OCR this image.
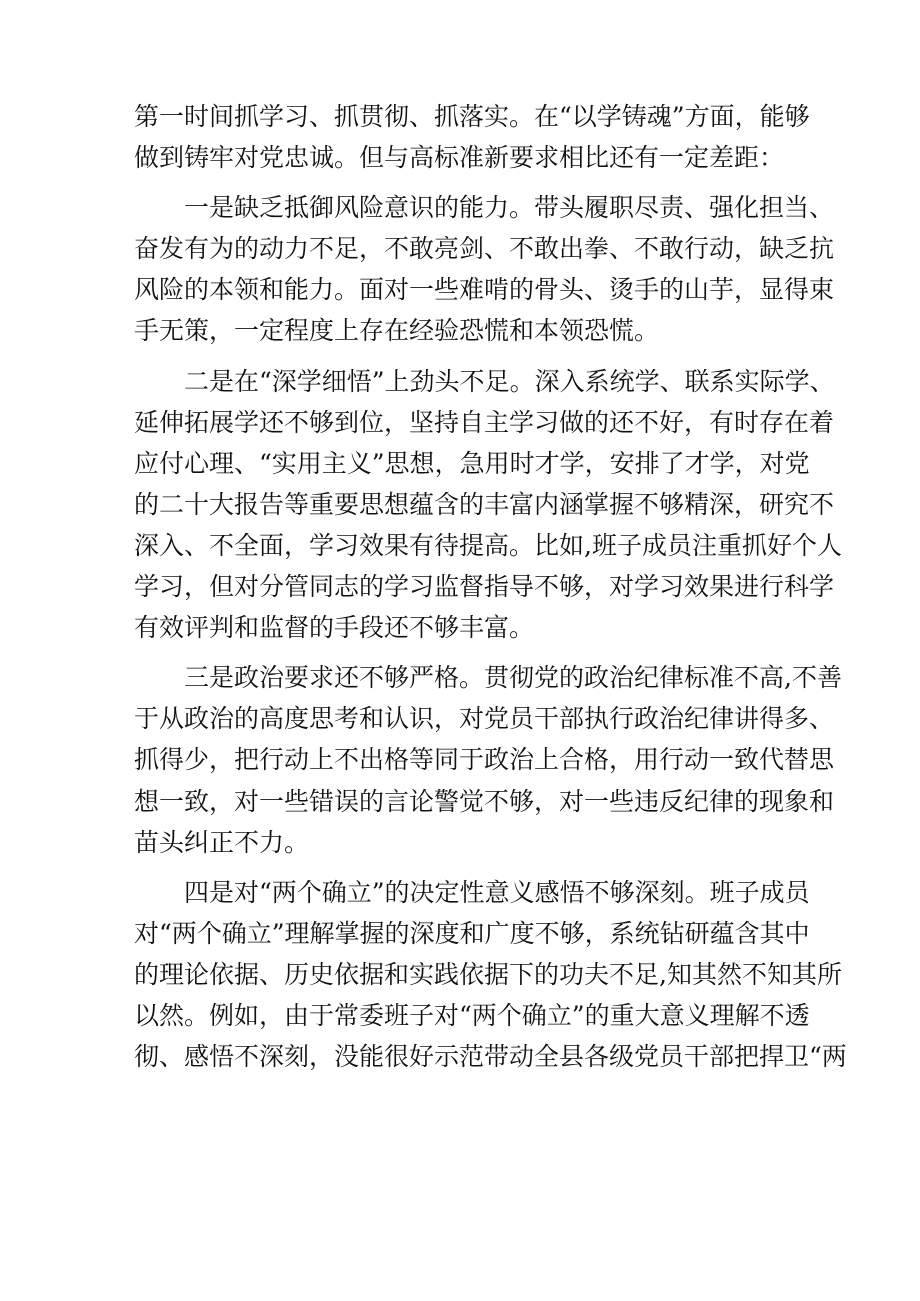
第一时间抓学习、抓贯彻、抓落实。在“以学铸魂”方面，能够
做到铸牢对党忠诚。但与高标准新要求相比还有一定差距：
一是缺乏抵御风险意识的能力。带头履职尽责、强化担当、
奋发有为的动力不足，不敢亮剑、不敢出拳、不敢行动，缺乏抗
风险的本领和能力。面对一些难啃的骨头、烫手的山芋，显得束
手无策，一定程度上存在经验恐慌和本领恐慌。
二是在“深学细悟”上劲头不足。深入系统学、联系实际学、
延伸拓展学还不够到位，坚持自主学习做的还不好，有时存在着
应付心理、“实用主义”思想，急用时才学，安排了才学，对党
的二十大报告等重要思想蕴含的丰富内涵掌握不够精深，研究不
深入、不全面，学习效果有待提高。比如,班子成员注重抓好个人
学习，但对分管同志的学习监督指导不够，对学习效果进行科学
有效评判和监督的手段还不够丰富。
三是政治要求还不够严格。贯彻党的政治纪律标准不高,不善
于从政治的高度思考和认识，对党员干部执行政治纪律讲得多、
抓得少，把行动上不出格等同于政治上合格，用行动一致代替思
想一致，对一些错误的言论警觉不够，对一些违反纪律的现象和
苗头纠正不力。
四是对“两个确立”的决定性意义感悟不够深刻。班子成员
对“两个确立”理解掌握的深度和广度不够，系统钻研蕴含其中
的理论依据、历史依据和实践依据下的功夫不足,知其然不知其所
以然。例如，由于常委班子对“两个确立”的重大意义理解不透
彻、感悟不深刻，没能很好示范带动全县各级党员干部把捍卫“两
